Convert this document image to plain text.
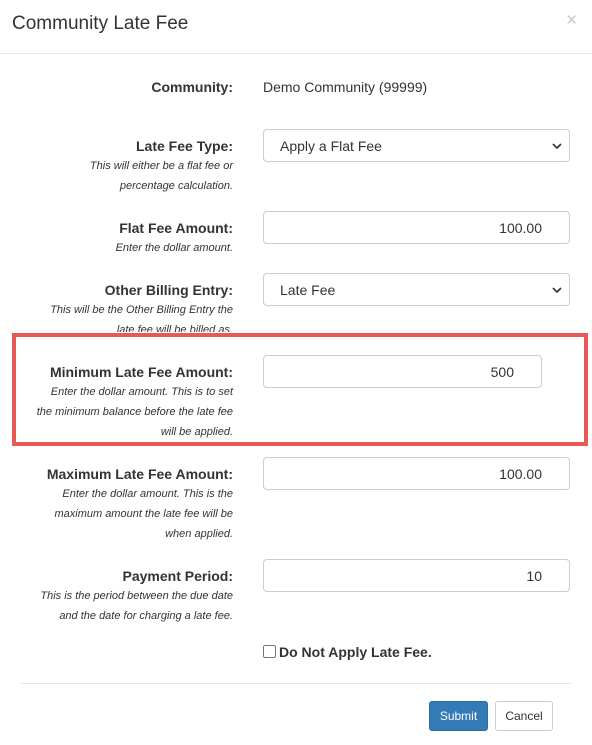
Community Late Fee	×
Community: Demo Community (99999)
Late Fee Type:
This will either be a flat fee or
percentage calculation.
Apply a Flat Fee
Flat Fee Amount:
Enter the dollar amount.
100.00
Other Billing Entry:
This will be the Other Billing Entry the
late fee will be billed as.
Late Fee
Minimum Late Fee Amount:
Enter the dollar amount. This is to set
the minimum balance before the late fee
will be applied.
500
Maximum Late Fee Amount:
Enter the dollar amount. This is the
maximum amount the late fee will be
when applied.
100.00
Payment Period:
This is the period between the due date
and the date for charging a late fee.
10
Do Not Apply Late Fee.
Submit	Cancel
